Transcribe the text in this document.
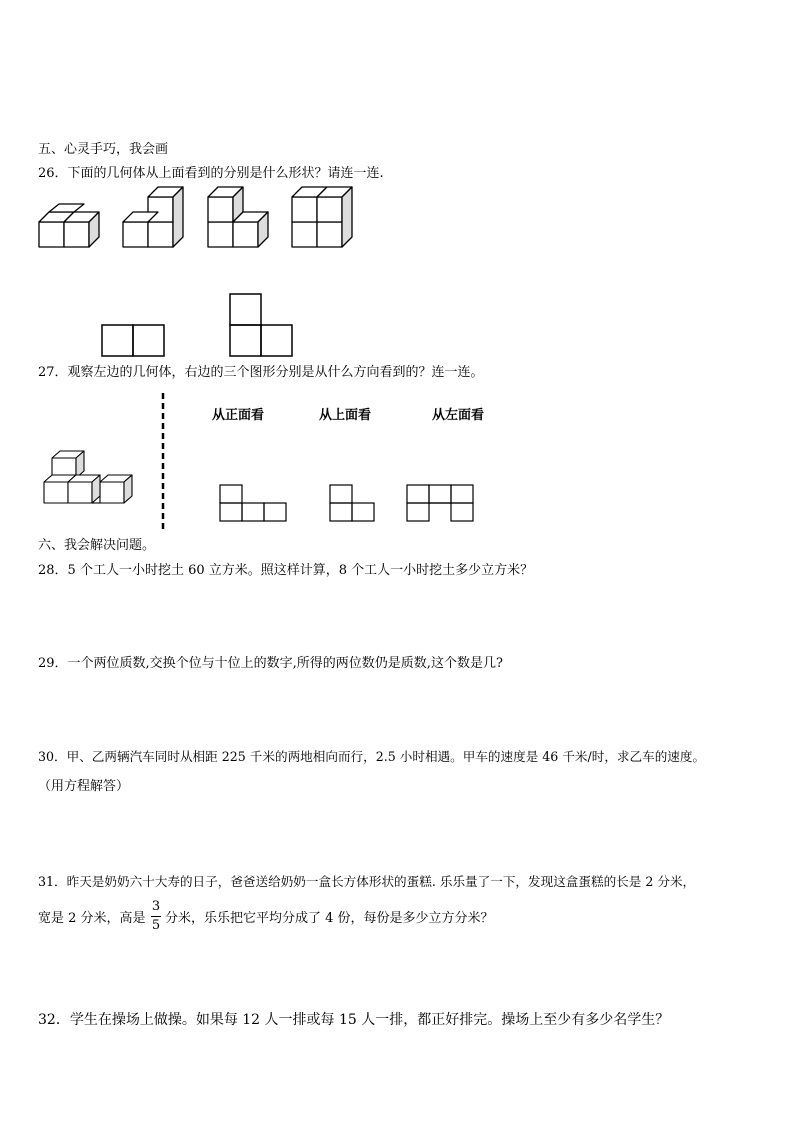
五、心灵手巧，我会画
26．下面的几何体从上面看到的分别是什么形状？请连一连.
27．观察左边的几何体，右边的三个图形分别是从什么方向看到的？连一连。
从正面看	从上面看	从左面看
六、我会解决问题。
28．5 个工人一小时挖土 60 立方米。照这样计算，8 个工人一小时挖土多少立方米？
29．一个两位质数,交换个位与十位上的数字,所得的两位数仍是质数,这个数是几?
30．甲、乙两辆汽车同时从相距 225 千米的两地相向而行，2.5 小时相遇。甲车的速度是 46 千米/时，求乙车的速度。
（用方程解答）
31．昨天是奶奶六十大寿的日子，爸爸送给奶奶一盒长方体形状的蛋糕. 乐乐量了一下，发现这盒蛋糕的长是 2 分米，
宽是 2 分米，高是
3
5 分米，乐乐把它平均分成了 4 份，每份是多少立方分米？
32．学生在操场上做操。如果每 12 人一排或每 15 人一排，都正好排完。操场上至少有多少名学生？
